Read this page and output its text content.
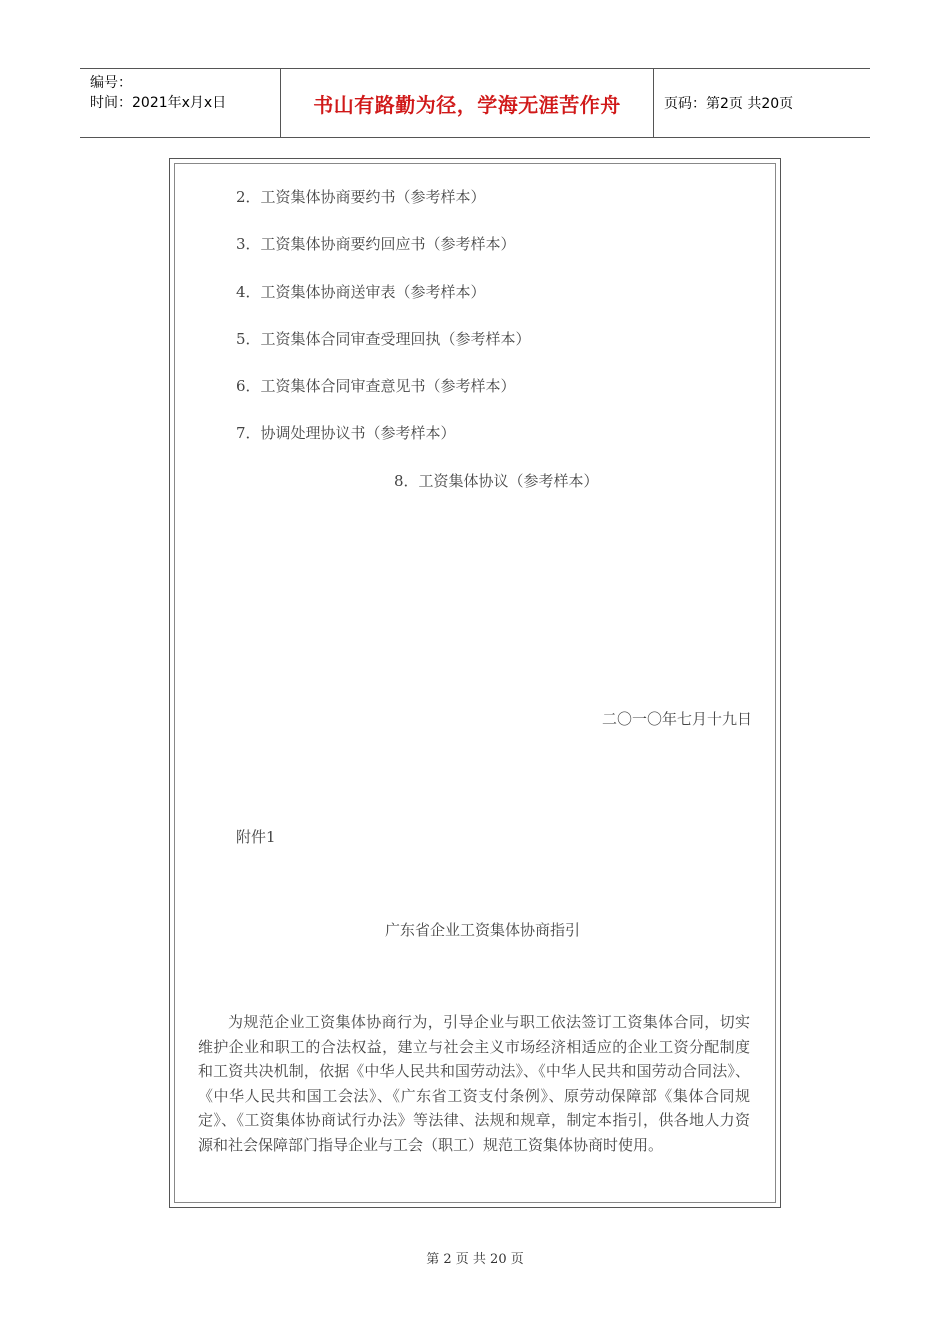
编号：
时间：2021年x月x日	书山有路勤为径，学海无涯苦作舟	页码：第2页 共20页
2．工资集体协商要约书（参考样本）
3．工资集体协商要约回应书（参考样本）
4．工资集体协商送审表（参考样本）
5．工资集体合同审查受理回执（参考样本）
6．工资集体合同审查意见书（参考样本）
7．协调处理协议书（参考样本）
8．工资集体协议（参考样本）
二〇一〇年七月十九日
附件1
广东省企业工资集体协商指引
为规范企业工资集体协商行为，引导企业与职工依法签订工资集体合同，切实维护企业和职工的合法权益，建立与社会主义市场经济相适应的企业工资分配制度和工资共决机制，依据《中华人民共和国劳动法》、《中华人民共和国劳动合同法》、《中华人民共和国工会法》、《广东省工资支付条例》、原劳动保障部《集体合同规定》、《工资集体协商试行办法》等法律、法规和规章，制定本指引，供各地人力资源和社会保障部门指导企业与工会（职工）规范工资集体协商时使用。
第 2 页 共 20 页
